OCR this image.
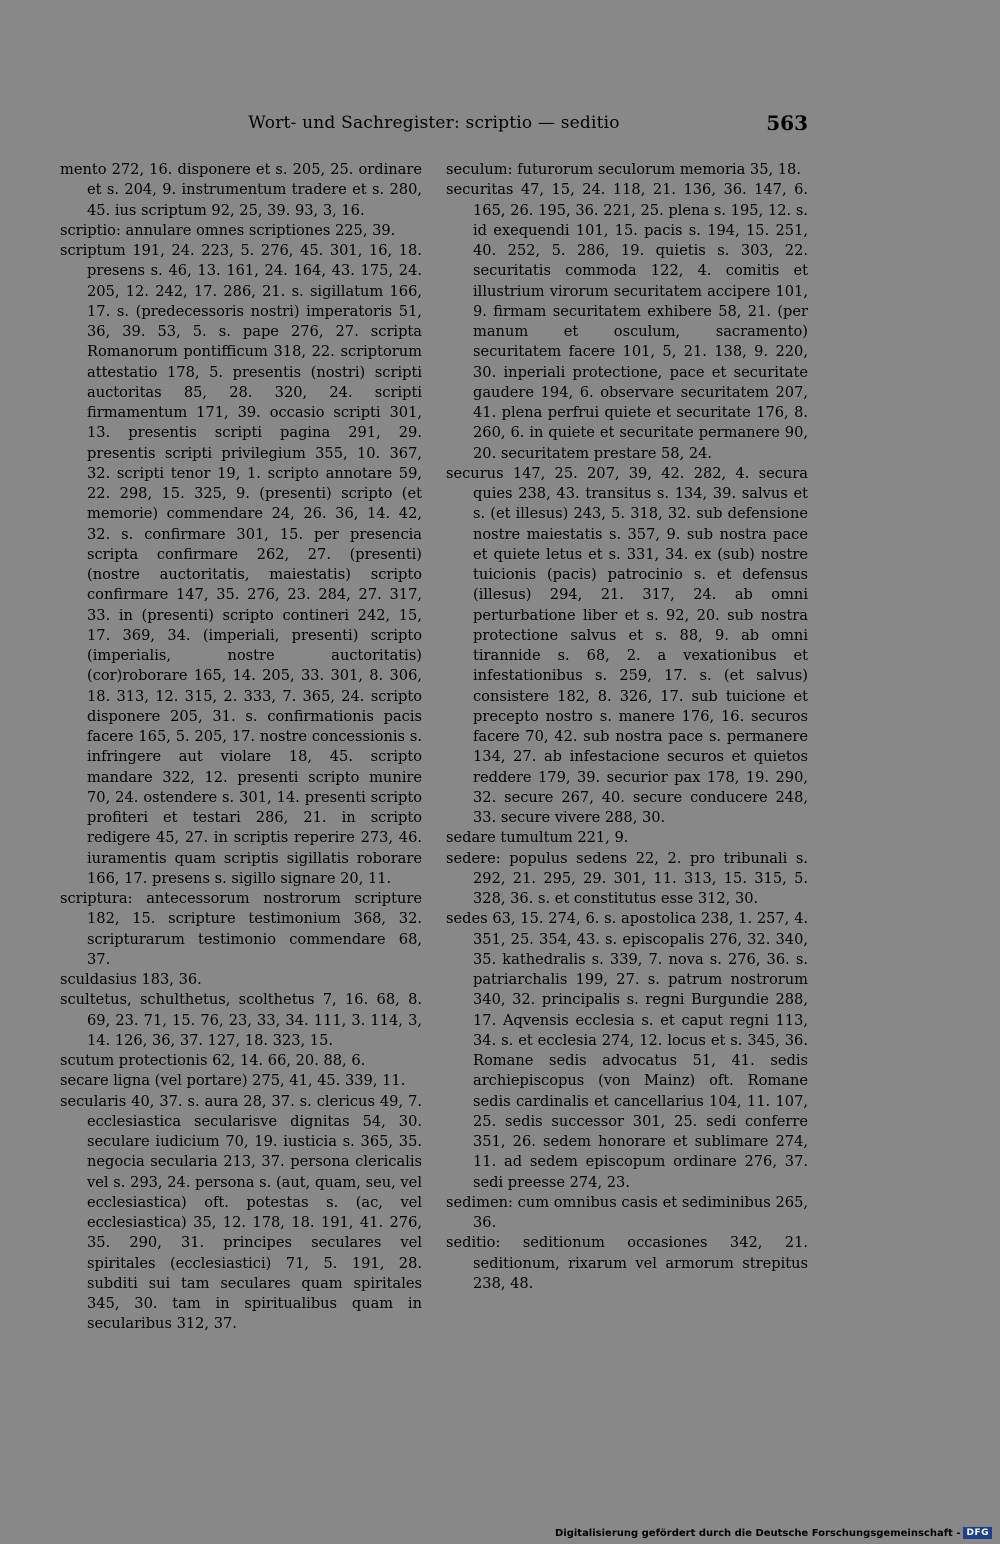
Wort- und Sachregister: scriptio — seditio	563

mento 272, 16. disponere et s. 205, 25. ordinare et s. 204, 9. instrumentum tradere et s. 280, 45. ius scriptum 92, 25, 39. 93, 3, 16.

scriptio: annulare omnes scriptiones 225, 39.

scriptum 191, 24. 223, 5. 276, 45. 301, 16, 18. presens s. 46, 13. 161, 24. 164, 43. 175, 24. 205, 12. 242, 17. 286, 21. s. sigillatum 166, 17. s. (predecessoris nostri) imperatoris 51, 36, 39. 53, 5. s. pape 276, 27. scripta Romanorum pontifficum 318, 22. scriptorum attestatio 178, 5. presentis (nostri) scripti auctoritas 85, 28. 320, 24. scripti firmamentum 171, 39. occasio scripti 301, 13. presentis scripti pagina 291, 29. presentis scripti privilegium 355, 10. 367, 32. scripti tenor 19, 1. scripto annotare 59, 22. 298, 15. 325, 9. (presenti) scripto (et memorie) commendare 24, 26. 36, 14. 42, 32. s. confirmare 301, 15. per presencia scripta confirmare 262, 27. (presenti) (nostre auctoritatis, maiestatis) scripto confirmare 147, 35. 276, 23. 284, 27. 317, 33. in (presenti) scripto contineri 242, 15, 17. 369, 34. (imperiali, presenti) scripto (imperialis, nostre auctoritatis) (cor)roborare 165, 14. 205, 33. 301, 8. 306, 18. 313, 12. 315, 2. 333, 7. 365, 24. scripto disponere 205, 31. s. confirmationis pacis facere 165, 5. 205, 17. nostre concessionis s. infringere aut violare 18, 45. scripto mandare 322, 12. presenti scripto munire 70, 24. ostendere s. 301, 14. presenti scripto profiteri et testari 286, 21. in scripto redigere 45, 27. in scriptis reperire 273, 46. iuramentis quam scriptis sigillatis roborare 166, 17. presens s. sigillo signare 20, 11.

scriptura: antecessorum nostrorum scripture 182, 15. scripture testimonium 368, 32. scripturarum testimonio commendare 68, 37.

sculdasius 183, 36.

scultetus, schulthetus, scolthetus 7, 16. 68, 8. 69, 23. 71, 15. 76, 23, 33, 34. 111, 3. 114, 3, 14. 126, 36, 37. 127, 18. 323, 15.

scutum protectionis 62, 14. 66, 20. 88, 6.

secare ligna (vel portare) 275, 41, 45. 339, 11.

secularis 40, 37. s. aura 28, 37. s. clericus 49, 7. ecclesiastica secularisve dignitas 54, 30. seculare iudicium 70, 19. iusticia s. 365, 35. negocia secularia 213, 37. persona clericalis vel s. 293, 24. persona s. (aut, quam, seu, vel ecclesiastica) oft. potestas s. (ac, vel ecclesiastica) 35, 12. 178, 18. 191, 41. 276, 35. 290, 31. principes seculares vel spiritales (ecclesiastici) 71, 5. 191, 28. subditi sui tam seculares quam spiritales 345, 30. tam in spiritualibus quam in secularibus 312, 37.

seculum: futurorum seculorum memoria 35, 18.

securitas 47, 15, 24. 118, 21. 136, 36. 147, 6. 165, 26. 195, 36. 221, 25. plena s. 195, 12. s. id exequendi 101, 15. pacis s. 194, 15. 251, 40. 252, 5. 286, 19. quietis s. 303, 22. securitatis commoda 122, 4. comitis et illustrium virorum securitatem accipere 101, 9. firmam securitatem exhibere 58, 21. (per manum et osculum, sacramento) securitatem facere 101, 5, 21. 138, 9. 220, 30. inperiali protectione, pace et securitate gaudere 194, 6. observare securitatem 207, 41. plena perfrui quiete et securitate 176, 8. 260, 6. in quiete et securitate permanere 90, 20. securitatem prestare 58, 24.

securus 147, 25. 207, 39, 42. 282, 4. secura quies 238, 43. transitus s. 134, 39. salvus et s. (et illesus) 243, 5. 318, 32. sub defensione nostre maiestatis s. 357, 9. sub nostra pace et quiete letus et s. 331, 34. ex (sub) nostre tuicionis (pacis) patrocinio s. et defensus (illesus) 294, 21. 317, 24. ab omni perturbatione liber et s. 92, 20. sub nostra protectione salvus et s. 88, 9. ab omni tirannide s. 68, 2. a vexationibus et infestationibus s. 259, 17. s. (et salvus) consistere 182, 8. 326, 17. sub tuicione et precepto nostro s. manere 176, 16. securos facere 70, 42. sub nostra pace s. permanere 134, 27. ab infestacione securos et quietos reddere 179, 39. securior pax 178, 19. 290, 32. secure 267, 40. secure conducere 248, 33. secure vivere 288, 30.

sedare tumultum 221, 9.

sedere: populus sedens 22, 2. pro tribunali s. 292, 21. 295, 29. 301, 11. 313, 15. 315, 5. 328, 36. s. et constitutus esse 312, 30.

sedes 63, 15. 274, 6. s. apostolica 238, 1. 257, 4. 351, 25. 354, 43. s. episcopalis 276, 32. 340, 35. kathedralis s. 339, 7. nova s. 276, 36. s. patriarchalis 199, 27. s. patrum nostrorum 340, 32. principalis s. regni Burgundie 288, 17. Aqvensis ecclesia s. et caput regni 113, 34. s. et ecclesia 274, 12. locus et s. 345, 36. Romane sedis advocatus 51, 41. sedis archiepiscopus (von Mainz) oft. Romane sedis cardinalis et cancellarius 104, 11. 107, 25. sedis successor 301, 25. sedi conferre 351, 26. sedem honorare et sublimare 274, 11. ad sedem episcopum ordinare 276, 37. sedi preesse 274, 23.

sedimen: cum omnibus casis et sediminibus 265, 36.

seditio: seditionum occasiones 342, 21. seditionum, rixarum vel armorum strepitus 238, 48.

Digitalisierung gefördert durch die Deutsche Forschungsgemeinschaft - DFG
